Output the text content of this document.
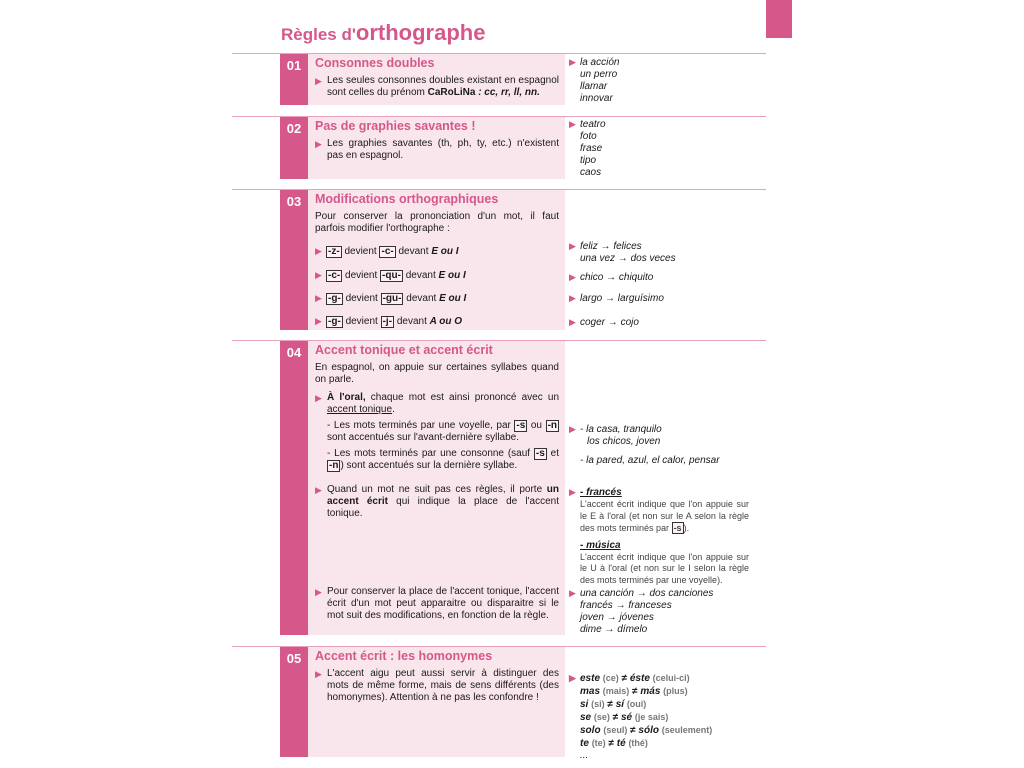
Règles d'orthographe
01	Consonnes doubles
▶ Les seules consonnes doubles existant en espagnol sont celles du prénom CaRoLiNa : cc, rr, ll, nn.
▶ la acción
un perro
llamar
innovar
02	Pas de graphies savantes !
▶ Les graphies savantes (th, ph, ty, etc.) n'existent pas en espagnol.
▶ teatro
foto
frase
tipo
caos
03	Modifications orthographiques
Pour conserver la prononciation d'un mot, il faut parfois modifier l'orthographe :
▶ -z- devient -c- devant E ou I
▶ -c- devient -qu- devant E ou I
▶ -g- devient -gu- devant E ou I
▶ -g- devient -j- devant A ou O
▶ feliz → felices
una vez → dos veces
▶ chico → chiquito
▶ largo → larguísimo
▶ coger → cojo
04	Accent tonique et accent écrit
En espagnol, on appuie sur certaines syllabes quand on parle.
▶ À l'oral, chaque mot est ainsi prononcé avec un accent tonique.
- Les mots terminés par une voyelle, par -s ou -n sont accentués sur l'avant-dernière syllabe.
- Les mots terminés par une consonne (sauf -s et -n ) sont accentués sur la dernière syllabe.
▶ Quand un mot ne suit pas ces règles, il porte un accent écrit qui indique la place de l'accent tonique.
▶ Pour conserver la place de l'accent tonique, l'accent écrit d'un mot peut apparaitre ou disparaitre si le mot suit des modifications, en fonction de la règle.
▶ - la casa, tranquilo
los chicos, joven
- la pared, azul, el calor, pensar
▶ - francés
L'accent écrit indique que l'on appuie sur le E à l'oral (et non sur le A selon la règle des mots terminés par -s ).
- música
L'accent écrit indique que l'on appuie sur le U à l'oral (et non sur le I selon la règle des mots terminés par une voyelle).
▶ una canción → dos canciones
francés → franceses
joven → jóvenes
dime → dímelo
05	Accent écrit : les homonymes
▶ L'accent aigu peut aussi servir à distinguer des mots de même forme, mais de sens différents (des homonymes). Attention à ne pas les confondre !
▶ este (ce) ≠ éste (celui-ci)
mas (mais) ≠ más (plus)
si (si) ≠ sí (oui)
se (se) ≠ sé (je sais)
solo (seul) ≠ sólo (seulement)
te (te) ≠ té (thé)
...
